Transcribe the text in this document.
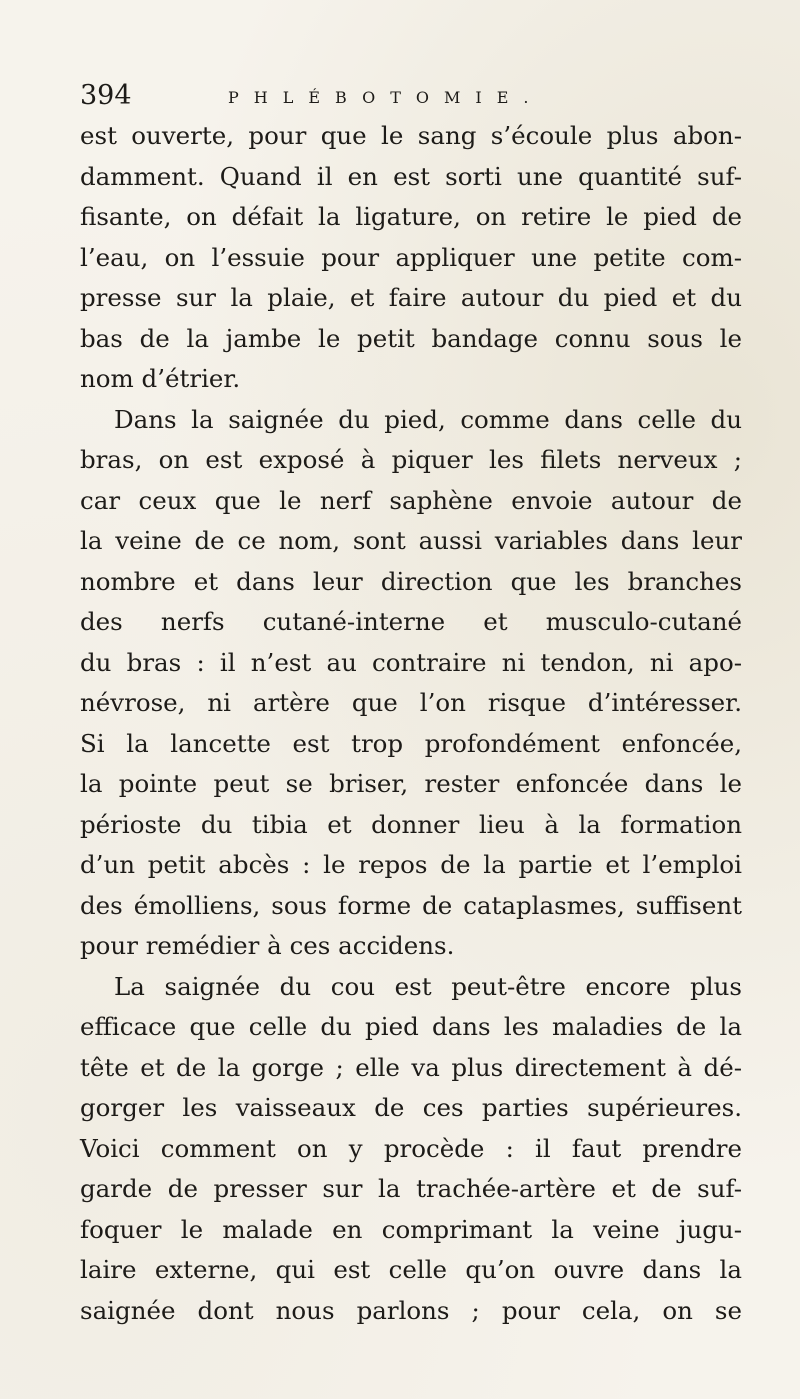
394	PHLÉBOTOMIE.
est ouverte, pour que le sang s’écoule plus abon-
damment. Quand il en est sorti une quantité suf-
fisante, on défait la ligature, on retire le pied de
l’eau, on l’essuie pour appliquer une petite com-
presse sur la plaie, et faire autour du pied et du
bas de la jambe le petit bandage connu sous le
nom d’étrier.
Dans la saignée du pied, comme dans celle du
bras, on est exposé à piquer les filets nerveux ;
car ceux que le nerf saphène envoie autour de
la veine de ce nom, sont aussi variables dans leur
nombre et dans leur direction que les branches
des nerfs cutané-interne et musculo-cutané
du bras : il n’est au contraire ni tendon, ni apo-
névrose, ni artère que l’on risque d’intéresser.
Si la lancette est trop profondément enfoncée,
la pointe peut se briser, rester enfoncée dans le
périoste du tibia et donner lieu à la formation
d’un petit abcès : le repos de la partie et l’emploi
des émolliens, sous forme de cataplasmes, suffisent
pour remédier à ces accidens.
La saignée du cou est peut-être encore plus
efficace que celle du pied dans les maladies de la
tête et de la gorge ; elle va plus directement à dé-
gorger les vaisseaux de ces parties supérieures.
Voici comment on y procède : il faut prendre
garde de presser sur la trachée-artère et de suf-
foquer le malade en comprimant la veine jugu-
laire externe, qui est celle qu’on ouvre dans la
saignée dont nous parlons ; pour cela, on se
